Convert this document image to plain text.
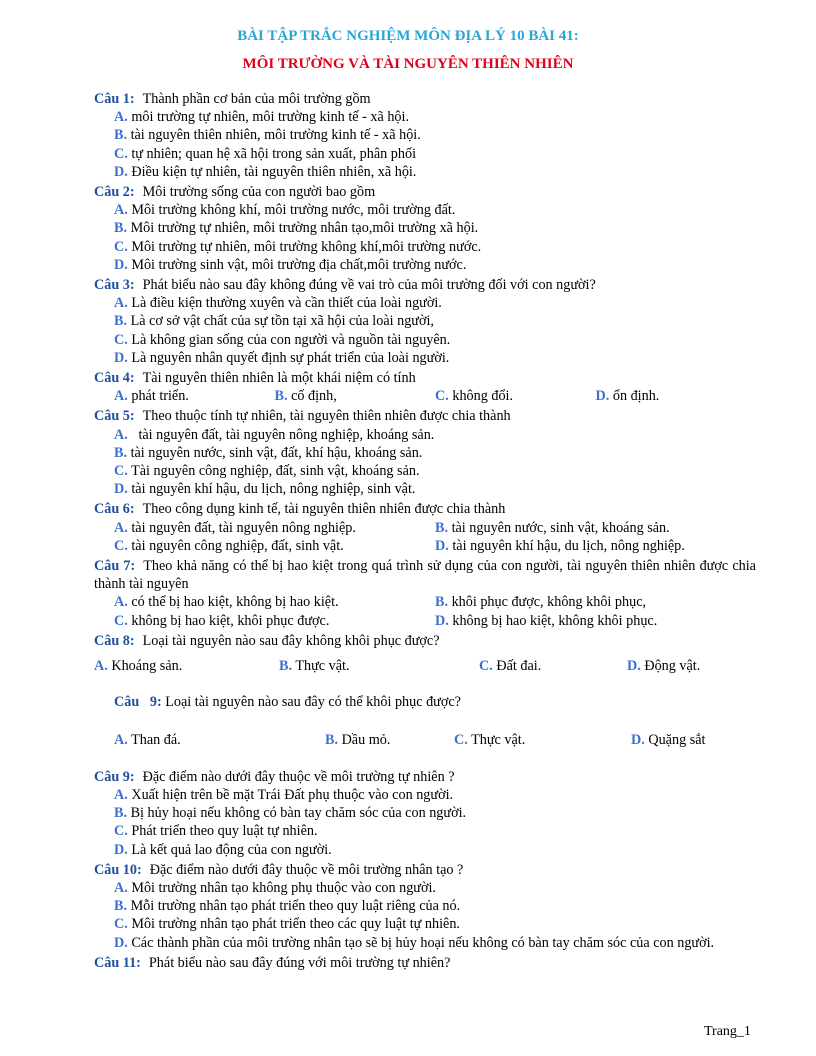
BÀI TẬP TRẮC NGHIỆM MÔN ĐỊA LÝ 10 BÀI 41:
MÔI TRƯỜNG VÀ TÀI NGUYÊN THIÊN NHIÊN
Câu 1: Thành phần cơ bản của môi trường gồm
A. môi trường tự nhiên, môi trường kinh tế - xã hội.
B. tài nguyên thiên nhiên, môi trường kinh tế - xã hội.
C. tự nhiên; quan hệ xã hội trong sản xuất, phân phối
D. Điều kiện tự nhiên, tài nguyên thiên nhiên, xã hội.
Câu 2: Môi trường sống của con người bao gồm
A. Môi trường không khí, môi trường nước, môi trường đất.
B. Môi trường tự nhiên, môi trường nhân tạo,môi trường xã hội.
C. Môi trường tự nhiên, môi trường không khí,môi trường nước.
D. Môi trường sinh vật, môi trường địa chất,môi trường nước.
Câu 3: Phát biểu nào sau đây không đúng về vai trò của môi trường đối với con người?
A. Là điều kiện thường xuyên và cần thiết của loài người.
B. Là cơ sở vật chất của sự tồn tại xã hội của loài người,
C. Là không gian sống của con người và nguồn tài nguyên.
D. Là nguyên nhân quyết định sự phát triển của loài người.
Câu 4: Tài nguyên thiên nhiên là một khái niệm có tính
A. phát triển.	B. cố định,	C. không đổi.	D. ổn định.
Câu 5: Theo thuộc tính tự nhiên, tài nguyên thiên nhiên được chia thành
A. tài nguyên đất, tài nguyên nông nghiệp, khoáng sản.
B. tài nguyên nước, sinh vật, đất, khí hậu, khoáng sản.
C. Tài nguyên công nghiệp, đất, sinh vật, khoáng sản.
D. tài nguyên khí hậu, du lịch, nông nghiệp, sinh vật.
Câu 6: Theo công dụng kinh tế, tài nguyên thiên nhiên được chia thành
A. tài nguyên đất, tài nguyên nông nghiệp.	B. tài nguyên nước, sinh vật, khoáng sản.
C. tài nguyên công nghiệp, đất, sinh vật.	D. tài nguyên khí hậu, du lịch, nông nghiệp.
Câu 7: Theo khả năng có thể bị hao kiệt trong quá trình sử dụng của con người, tài nguyên thiên nhiên được chia thành tài nguyên
A. có thể bị hao kiệt, không bị hao kiệt.	B. khôi phục được, không khôi phục,
C. không bị hao kiệt, khôi phục được.	D. không bị hao kiệt, không khôi phục.
Câu 8: Loại tài nguyên nào sau đây không khôi phục được?
A. Khoáng sản.	B. Thực vật.	C. Đất đai.	D. Động vật.
Câu 9: Loại tài nguyên nào sau đây có thể khôi phục được?
A. Than đá.	B. Dầu mỏ.	C. Thực vật.	D. Quặng sắt
Câu 9: Đặc điểm nào dưới đây thuộc về môi trường tự nhiên ?
A. Xuất hiện trên bề mặt Trái Đất phụ thuộc vào con người.
B. Bị hủy hoại nếu không có bàn tay chăm sóc của con người.
C. Phát triển theo quy luật tự nhiên.
D. Là kết quả lao động của con người.
Câu 10: Đặc điểm nào dưới đây thuộc về môi trường nhân tạo ?
A. Môi trường nhân tạo không phụ thuộc vào con người.
B. Mỗi trường nhân tạo phát triển theo quy luật riêng của nó.
C. Môi trường nhân tạo phát triển theo các quy luật tự nhiên.
D. Các thành phần của môi trường nhân tạo sẽ bị hủy hoại nếu không có bàn tay chăm sóc của con người.
Câu 11: Phát biểu nào sau đây đúng với môi trường tự nhiên?
Trang_1
